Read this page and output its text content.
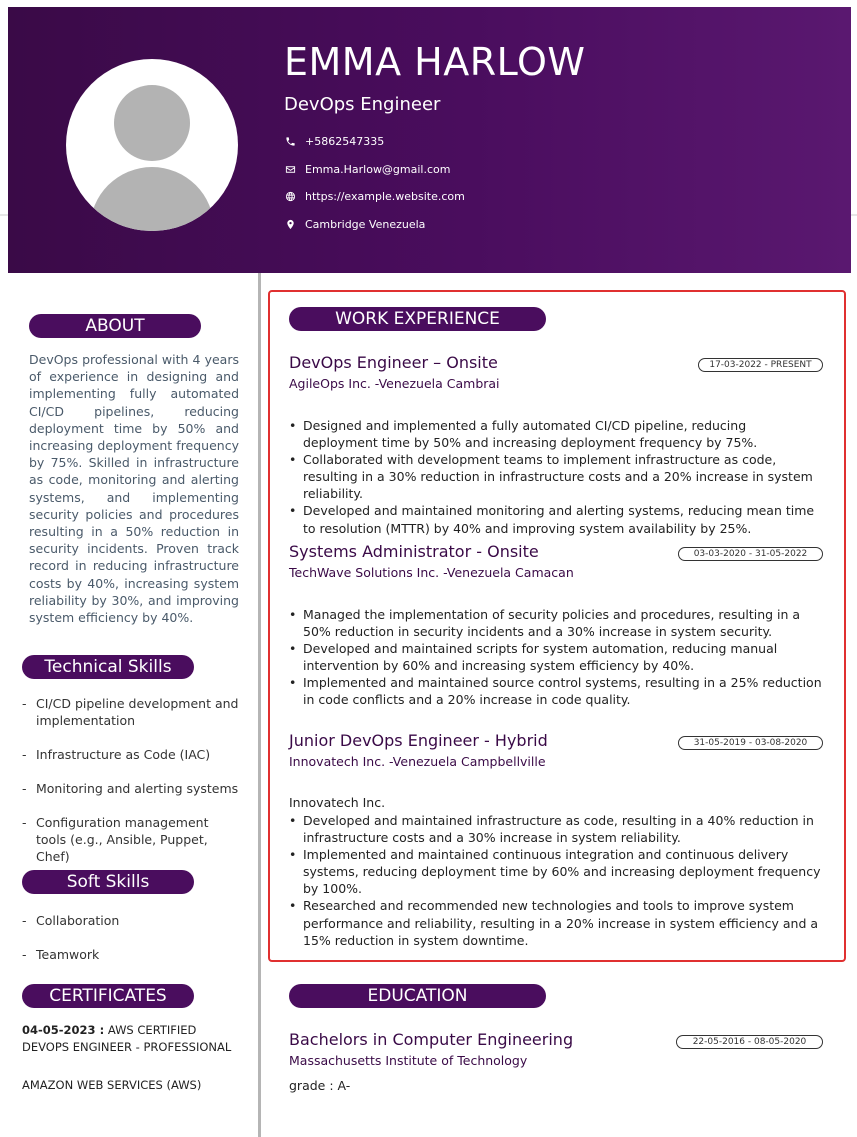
EMMA HARLOW
DevOps Engineer
+5862547335
Emma.Harlow@gmail.com
https://example.website.com
Cambridge Venezuela
ABOUT
DevOps professional with 4 years of experience in designing and implementing fully automated CI/CD pipelines, reducing deployment time by 50% and increasing deployment frequency by 75%. Skilled in infrastructure as code, monitoring and alerting systems, and implementing security policies and procedures resulting in a 50% reduction in security incidents. Proven track record in reducing infrastructure costs by 40%, increasing system reliability by 30%, and improving system efficiency by 40%.
Technical Skills
- CI/CD pipeline development and implementation
- Infrastructure as Code (IAC)
- Monitoring and alerting systems
- Configuration management tools (e.g., Ansible, Puppet, Chef)
Soft Skills
- Collaboration
- Teamwork
CERTIFICATES
04-05-2023 : AWS CERTIFIED DEVOPS ENGINEER - PROFESSIONAL
AMAZON WEB SERVICES (AWS)
WORK EXPERIENCE
DevOps Engineer – Onsite	17-03-2022 - PRESENT
AgileOps Inc. -Venezuela Cambrai
• Designed and implemented a fully automated CI/CD pipeline, reducing deployment time by 50% and increasing deployment frequency by 75%.
• Collaborated with development teams to implement infrastructure as code, resulting in a 30% reduction in infrastructure costs and a 20% increase in system reliability.
• Developed and maintained monitoring and alerting systems, reducing mean time to resolution (MTTR) by 40% and improving system availability by 25%.
Systems Administrator - Onsite	03-03-2020 - 31-05-2022
TechWave Solutions Inc. -Venezuela Camacan
• Managed the implementation of security policies and procedures, resulting in a 50% reduction in security incidents and a 30% increase in system security.
• Developed and maintained scripts for system automation, reducing manual intervention by 60% and increasing system efficiency by 40%.
• Implemented and maintained source control systems, resulting in a 25% reduction in code conflicts and a 20% increase in code quality.
Junior DevOps Engineer - Hybrid	31-05-2019 - 03-08-2020
Innovatech Inc. -Venezuela Campbellville
Innovatech Inc.
• Developed and maintained infrastructure as code, resulting in a 40% reduction in infrastructure costs and a 30% increase in system reliability.
• Implemented and maintained continuous integration and continuous delivery systems, reducing deployment time by 60% and increasing deployment frequency by 100%.
• Researched and recommended new technologies and tools to improve system performance and reliability, resulting in a 20% increase in system efficiency and a 15% reduction in system downtime.
EDUCATION
Bachelors in Computer Engineering	22-05-2016 - 08-05-2020
Massachusetts Institute of Technology
grade : A-
